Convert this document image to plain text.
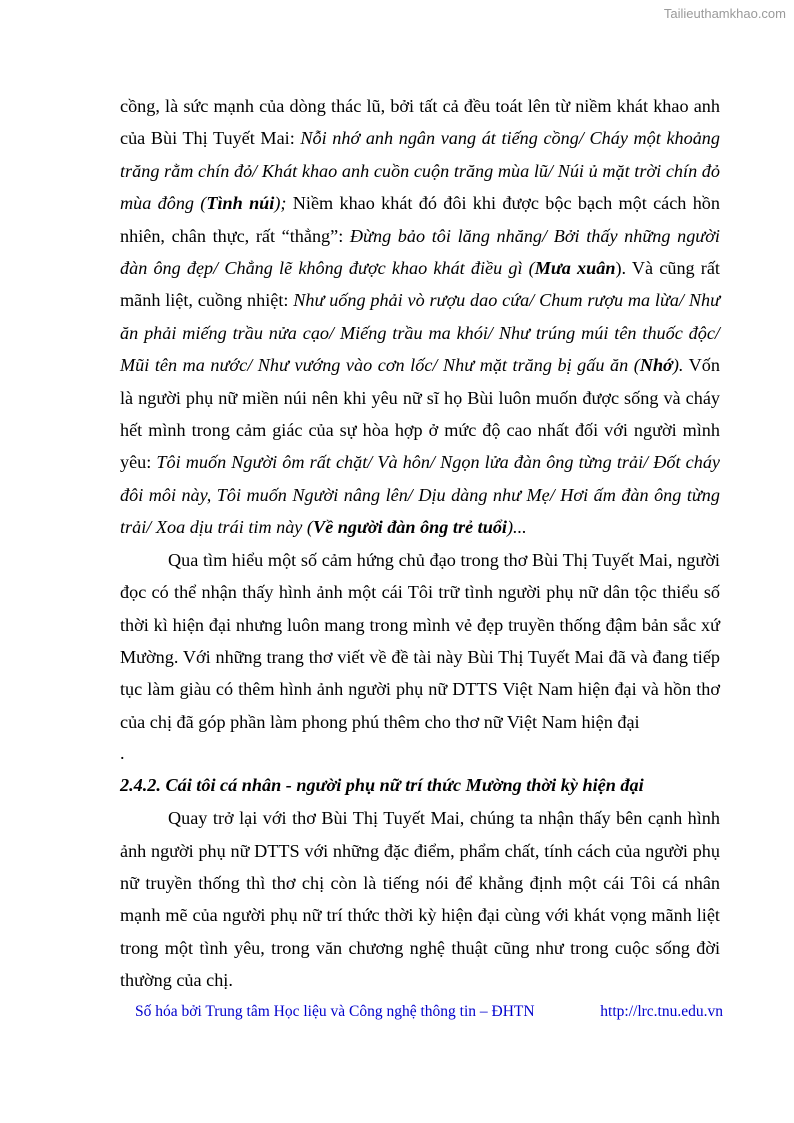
Tailieuthamkhao.com

cồng, là sức mạnh của dòng thác lũ, bởi tất cả đều toát lên từ niềm khát khao anh của Bùi Thị Tuyết Mai: Nỗi nhớ anh ngân vang át tiếng cồng/ Cháy một khoảng trăng rằm chín đỏ/ Khát khao anh cuồn cuộn trăng mùa lũ/ Núi ủ mặt trời chín đỏ mùa đông (Tình núi); Niềm khao khát đó đôi khi được bộc bạch một cách hồn nhiên, chân thực, rất “thẳng”: Đừng bảo tôi lăng nhăng/ Bởi thấy những người đàn ông đẹp/ Chẳng lẽ không được khao khát điều gì (Mưa xuân). Và cũng rất mãnh liệt, cuồng nhiệt: Như uống phải vò rượu dao cứa/ Chum rượu ma lừa/ Như ăn phải miếng trầu nửa cạo/ Miếng trầu ma khói/ Như trúng múi tên thuốc độc/ Mũi tên ma nước/ Như vướng vào cơn lốc/ Như mặt trăng bị gấu ăn (Nhớ). Vốn là người phụ nữ miền núi nên khi yêu nữ sĩ họ Bùi luôn muốn được sống và cháy hết mình trong cảm giác của sự hòa hợp ở mức độ cao nhất đối với người mình yêu: Tôi muốn Người ôm rất chặt/ Và hôn/ Ngọn lửa đàn ông từng trải/ Đốt cháy đôi môi này, Tôi muốn Người nâng lên/ Dịu dàng như Mẹ/ Hơi ấm đàn ông từng trải/ Xoa dịu trái tim này (Về người đàn ông trẻ tuổi)...

Qua tìm hiểu một số cảm hứng chủ đạo trong thơ Bùi Thị Tuyết Mai, người đọc có thể nhận thấy hình ảnh một cái Tôi trữ tình người phụ nữ dân tộc thiểu số thời kì hiện đại nhưng luôn mang trong mình vẻ đẹp truyền thống đậm bản sắc xứ Mường. Với những trang thơ viết về đề tài này Bùi Thị Tuyết Mai đã và đang tiếp tục làm giàu có thêm hình ảnh người phụ nữ DTTS Việt Nam hiện đại và hồn thơ của chị đã góp phần làm phong phú thêm cho thơ nữ Việt Nam hiện đại

.
2.4.2. Cái tôi cá nhân - người phụ nữ trí thức Mường thời kỳ hiện đại

Quay trở lại với thơ Bùi Thị Tuyết Mai, chúng ta nhận thấy bên cạnh hình ảnh người phụ nữ DTTS với những đặc điểm, phẩm chất, tính cách của người phụ nữ truyền thống thì thơ chị còn là tiếng nói để khẳng định một cái Tôi cá nhân mạnh mẽ của người phụ nữ trí thức thời kỳ hiện đại cùng với khát vọng mãnh liệt trong một tình yêu, trong văn chương nghệ thuật cũng như trong cuộc sống đời thường của chị.

Số hóa bởi Trung tâm Học liệu và Công nghệ thông tin – ĐHTN	http://lrc.tnu.edu.vn
